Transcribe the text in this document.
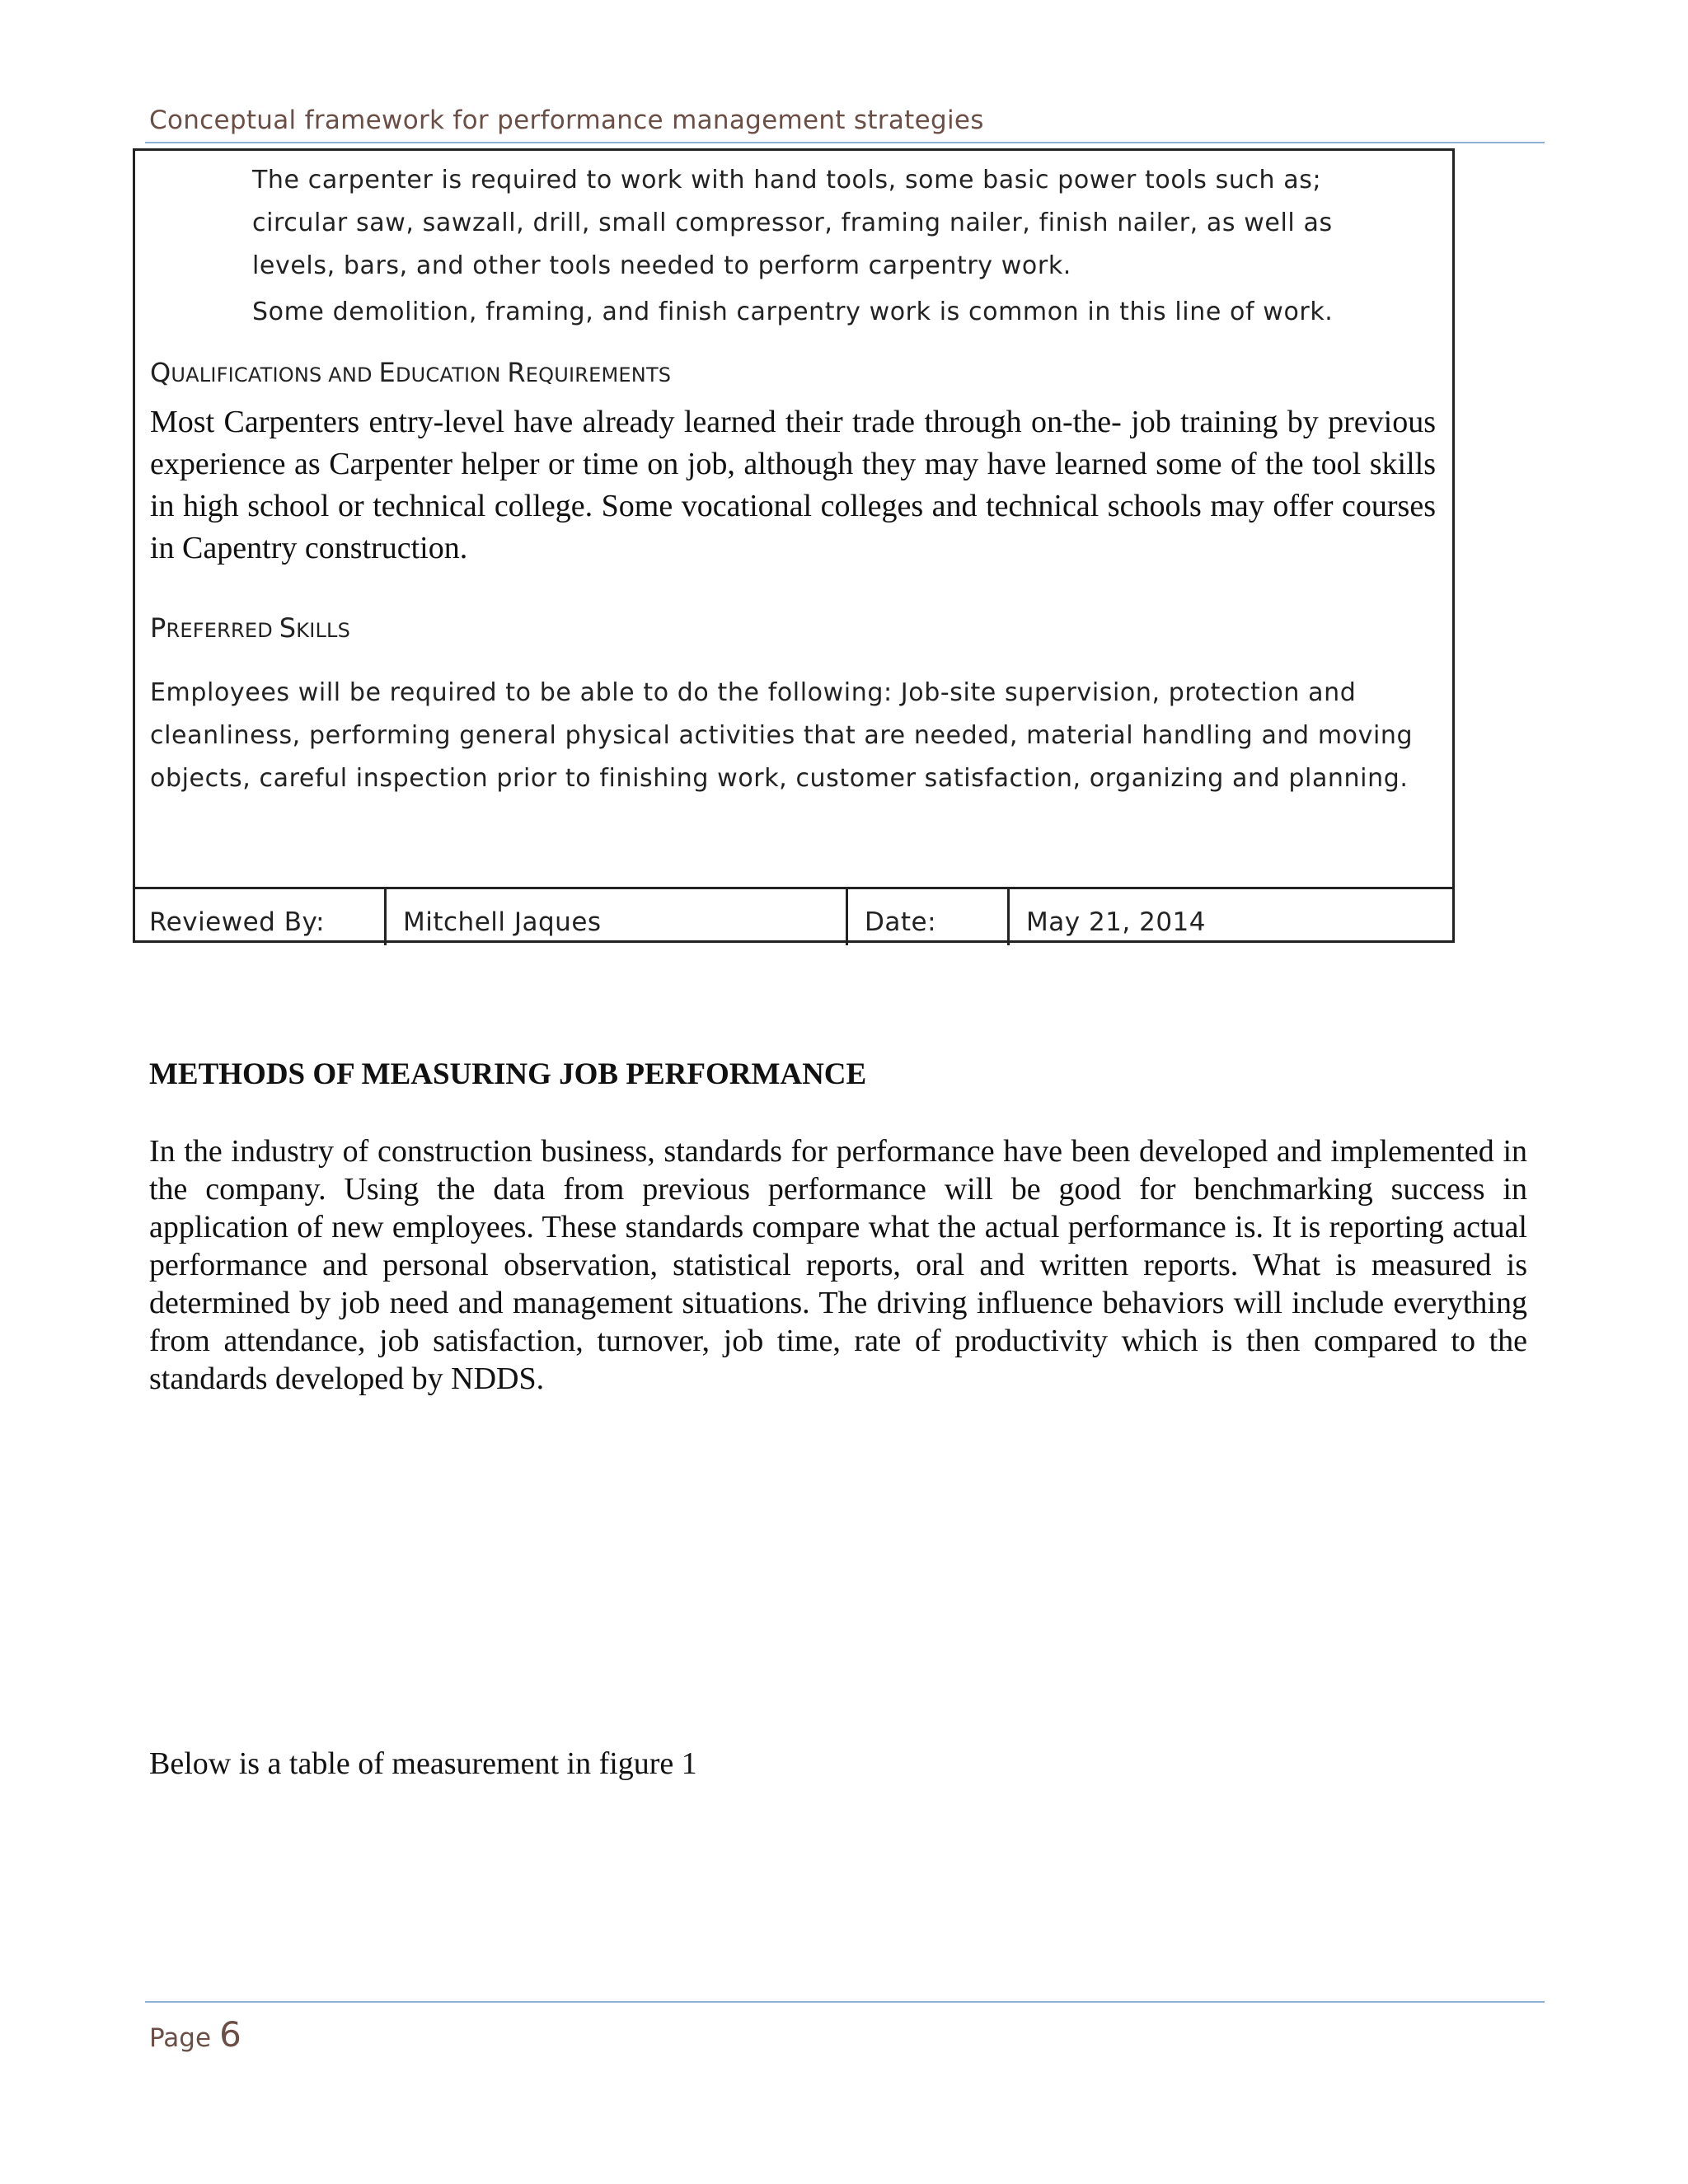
Conceptual framework for performance management strategies
The carpenter is required to work with hand tools, some basic power tools such as; circular saw, sawzall, drill, small compressor, framing nailer, finish nailer, as well as levels, bars, and other tools needed to perform carpentry work.
Some demolition, framing, and finish carpentry work is common in this line of work.
QUALIFICATIONS AND EDUCATION REQUIREMENTS
Most Carpenters entry-level have already learned their trade through on-the- job training by previous experience as Carpenter helper or time on job, although they may have learned some of the tool skills in high school or technical college. Some vocational colleges and technical schools may offer courses in Capentry construction.
PREFERRED SKILLS
Employees will be required to be able to do the following: Job-site supervision, protection and cleanliness, performing general physical activities that are needed, material handling and moving objects, careful inspection prior to finishing work, customer satisfaction, organizing and planning.
Reviewed By:	Mitchell Jaques	Date:	May 21, 2014
METHODS OF MEASURING JOB PERFORMANCE
In the industry of construction business, standards for performance have been developed and implemented in the company. Using the data from previous performance will be good for benchmarking success in application of new employees. These standards compare what the actual performance is. It is reporting actual performance and personal observation, statistical reports, oral and written reports. What is measured is determined by job need and management situations. The driving influence behaviors will include everything from attendance, job satisfaction, turnover, job time, rate of productivity which is then compared to the standards developed by NDDS.
Below is a table of measurement in figure 1
Page 6
